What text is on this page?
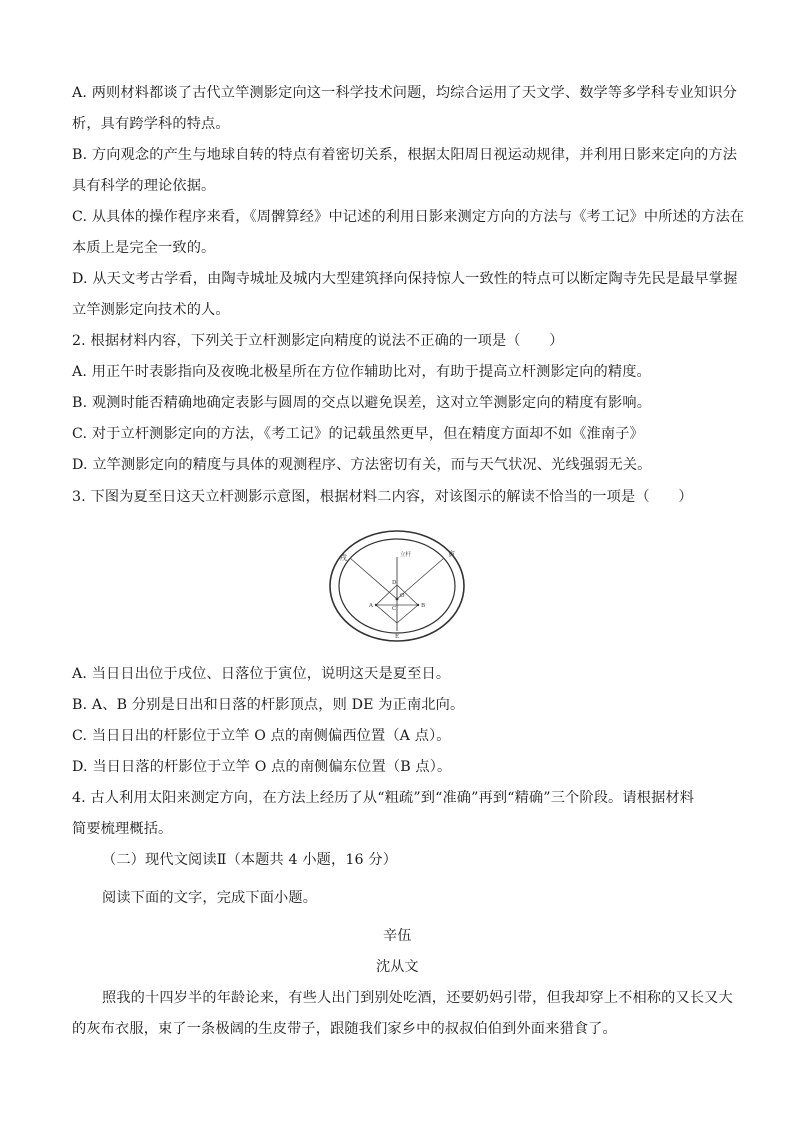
A. 两则材料都谈了古代立竿测影定向这一科学技术问题，均综合运用了天文学、数学等多学科专业知识分
析，具有跨学科的特点。
B. 方向观念的产生与地球自转的特点有着密切关系，根据太阳周日视运动规律，并利用日影来定向的方法
具有科学的理论依据。
C. 从具体的操作程序来看，《周髀算经》中记述的利用日影来测定方向的方法与《考工记》中所述的方法在
本质上是完全一致的。
D. 从天文考古学看，由陶寺城址及城内大型建筑择向保持惊人一致性的特点可以断定陶寺先民是最早掌握
立竿测影定向技术的人。
2. 根据材料内容，下列关于立杆测影定向精度的说法不正确的一项是（　　）
A. 用正午时表影指向及夜晚北极星所在方位作辅助比对，有助于提高立杆测影定向的精度。
B. 观测时能否精确地确定表影与圆周的交点以避免误差，这对立竿测影定向的精度有影响。
C. 对于立杆测影定向的方法，《考工记》的记载虽然更早，但在精度方面却不如《淮南子》
D. 立竿测影定向的精度与具体的观测程序、方法密切有关，而与天气状况、光线强弱无关。
3. 下图为夏至日这天立杆测影示意图，根据材料二内容，对该图示的解读不恰当的一项是（　　）
戌	寅
立杆
A	B
O
C
D
E
A. 当日日出位于戌位、日落位于寅位，说明这天是夏至日。
B. A、B 分别是日出和日落的杆影顶点，则 DE 为正南北向。
C. 当日日出的杆影位于立竿 O 点的南侧偏西位置（A 点）。
D. 当日日落的杆影位于立竿 O 点的南侧偏东位置（B 点）。
4. 古人利用太阳来测定方向，在方法上经历了从“粗疏”到“准确”再到“精确”三个阶段。请根据材料
简要梳理概括。
（二）现代文阅读Ⅱ（本题共 4 小题，16 分）
阅读下面的文字，完成下面小题。
辛伍
沈从文
照我的十四岁半的年龄论来，有些人出门到别处吃酒，还要奶妈引带，但我却穿上不相称的又长又大
的灰布衣服，束了一条极阔的生皮带子，跟随我们家乡中的叔叔伯伯到外面来猎食了。
